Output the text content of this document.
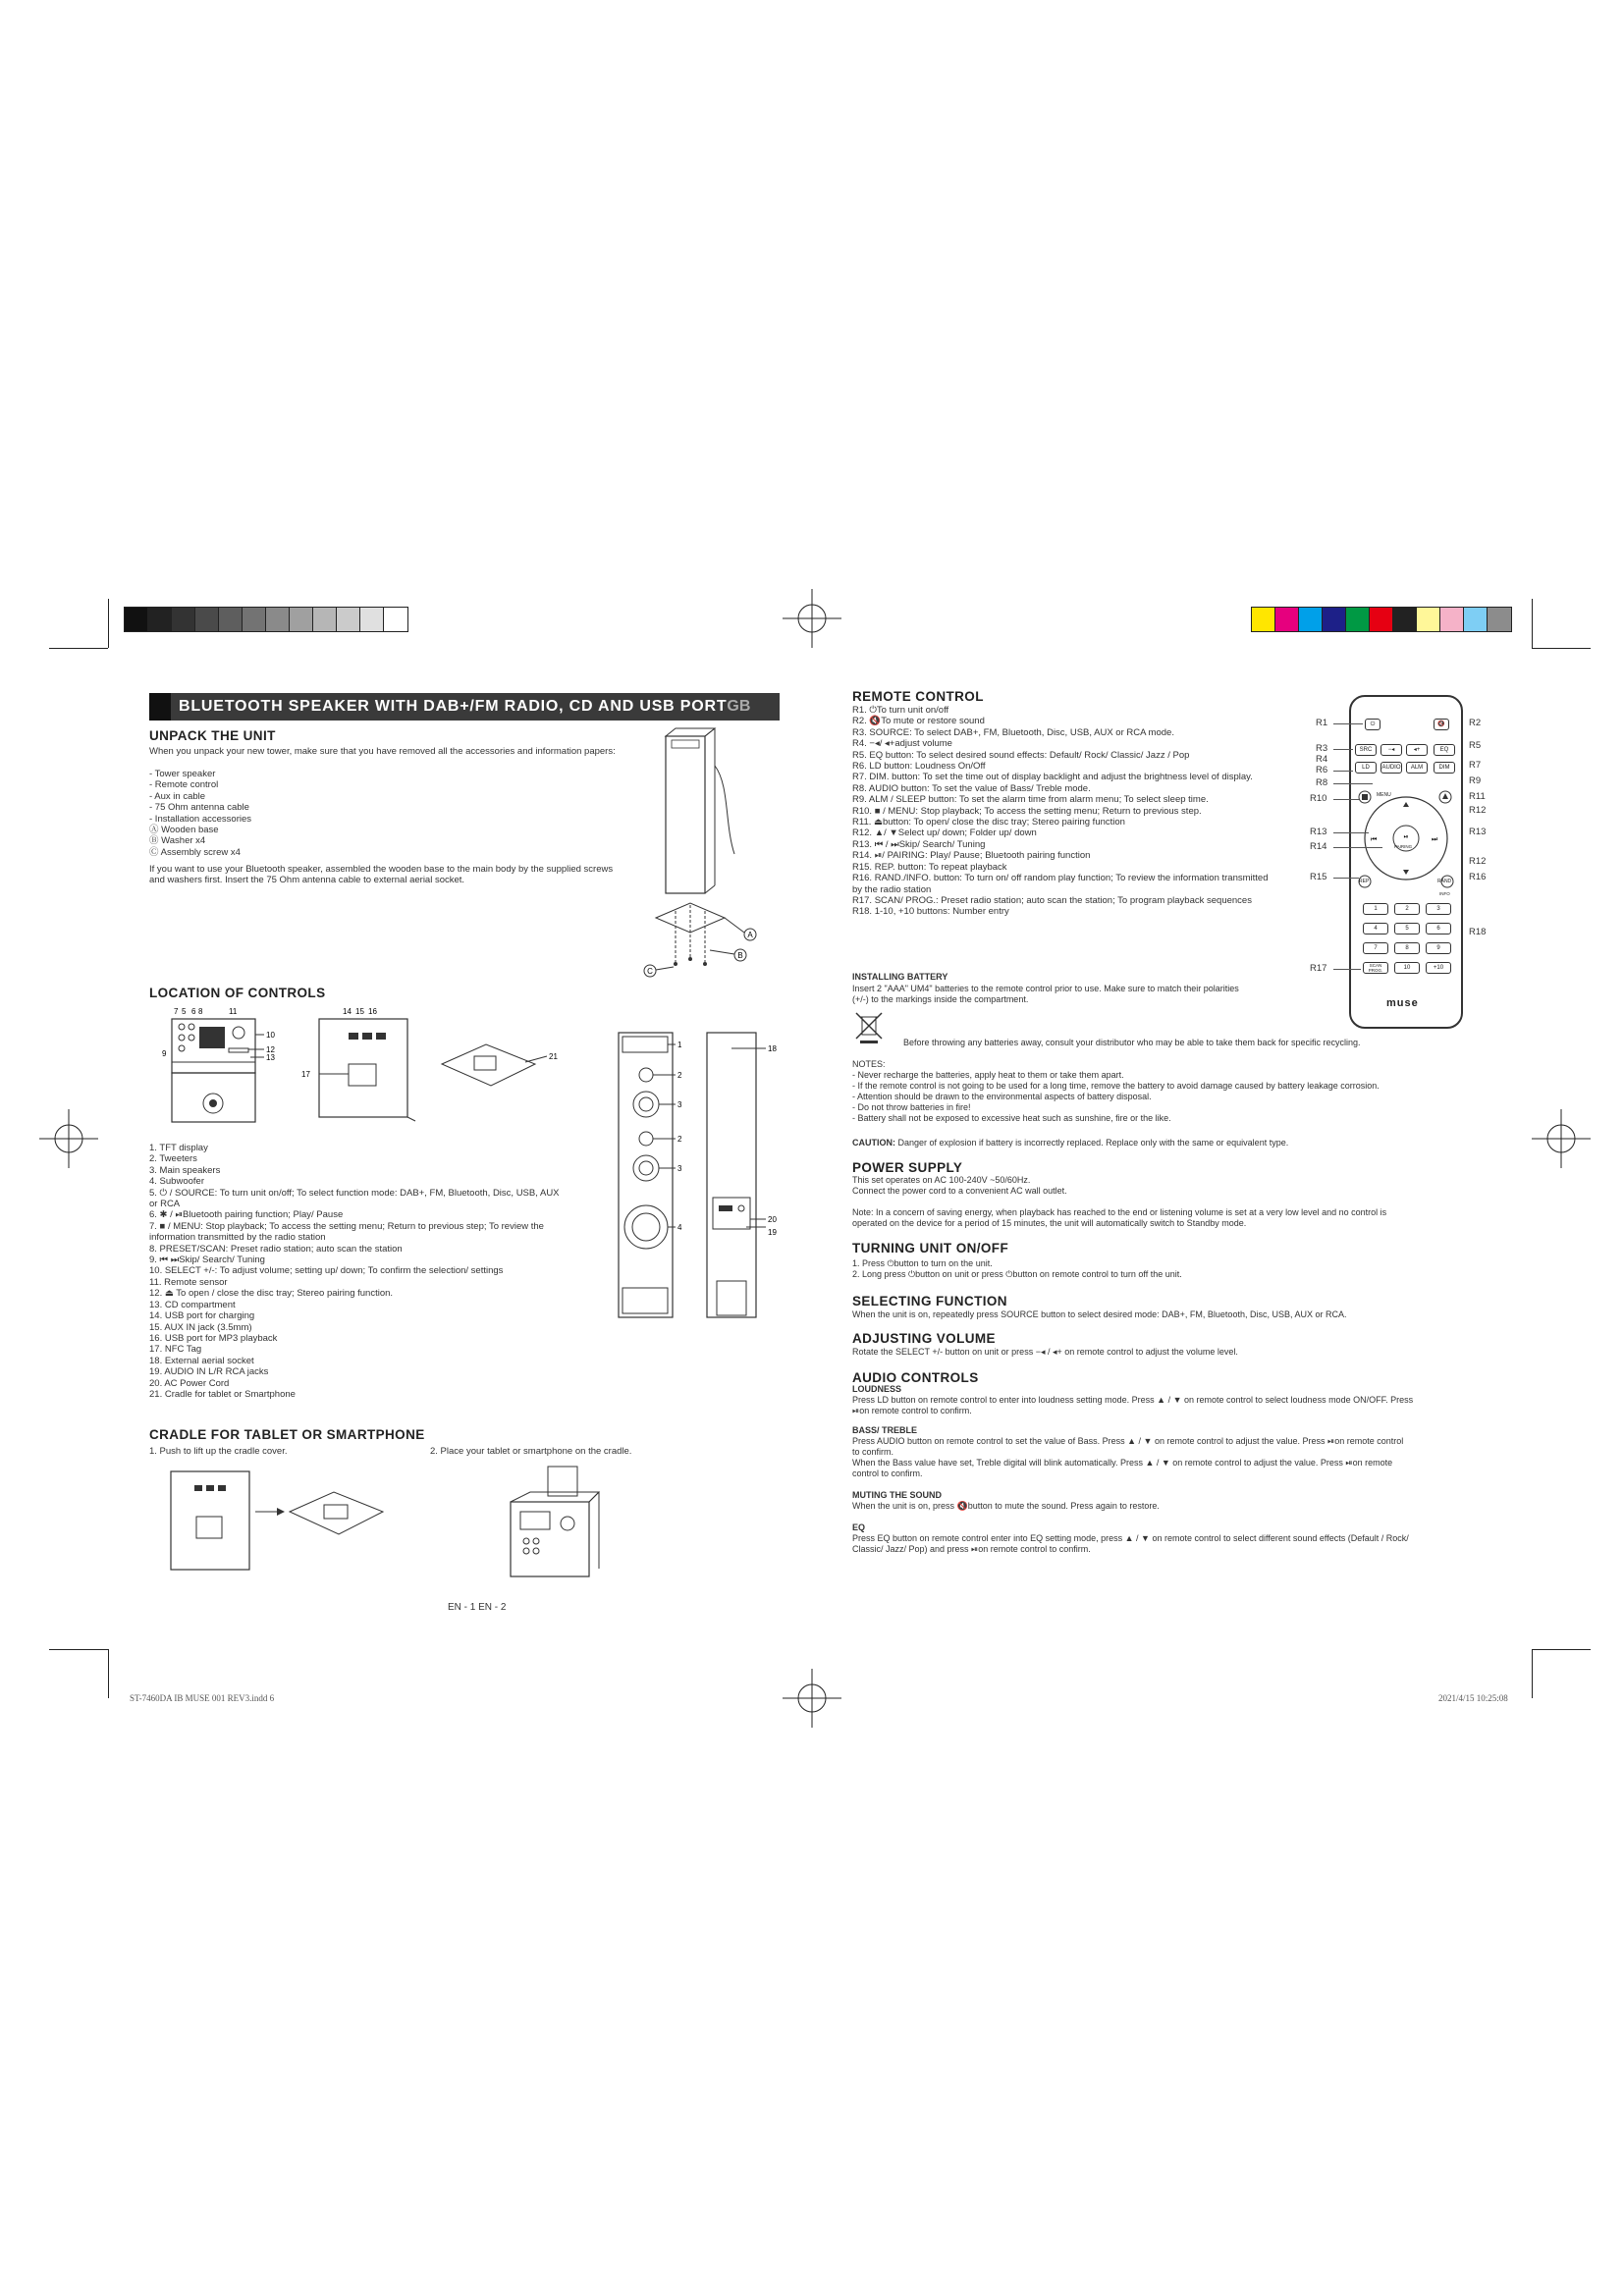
BLUETOOTH SPEAKER WITH DAB+/FM RADIO, CD AND USB PORT GB
UNPACK THE UNIT
When you unpack your new tower, make sure that you have removed all the accessories and information papers:

- Tower speaker

- Remote control

- Aux in cable

- 75 Ohm antenna cable

- Installation accessories

Ⓐ Wooden base

Ⓑ Washer x4

Ⓒ Assembly screw x4

If you want to use your Bluetooth speaker, assembled the wooden base to the main body by the supplied screws and washers first. Insert the 75 Ohm antenna cable to external aerial socket.
A
B
C
LOCATION OF CONTROLS
7 5 6 8	11
10
12
13
9
14 15 16
17
21
1
2
3
2
3
4
18
20
19

1. TFT display

2. Tweeters

3. Main speakers

4. Subwoofer

5. ⏻ / SOURCE: To turn unit on/off; To select function mode: DAB+, FM, Bluetooth, Disc, USB, AUX

or RCA

6. ✱ / ⏯Bluetooth pairing function; Play/ Pause

7. ■ / MENU: Stop playback; To access the setting menu; Return to previous step; To review the

information transmitted by the radio station

8. PRESET/SCAN: Preset radio station; auto scan the station

9. ⏮ ⏭Skip/ Search/ Tuning

10. SELECT +/-: To adjust volume; setting up/ down; To confirm the selection/ settings

11. Remote sensor

12. ⏏ To open / close the disc tray; Stereo pairing function.

13. CD compartment

14. USB port for charging

15. AUX IN jack (3.5mm)

16. USB port for MP3 playback

17. NFC Tag

18. External aerial socket

19. AUDIO IN L/R RCA jacks

20. AC Power Cord

21. Cradle for tablet or Smartphone

CRADLE FOR TABLET OR SMARTPHONE
1. Push to lift up the cradle cover.	2. Place your tablet or smartphone on the cradle.
EN - 1 EN - 2
ST-7460DA IB MUSE 001 REV3.indd 6	2021/4/15 10:25:08
REMOTE CONTROL

R1. ⏻To turn unit on/off

R2. 🔇To mute or restore sound

R3. SOURCE: To select DAB+, FM, Bluetooth, Disc, USB, AUX or RCA mode.

R4. −◂/ ◂+adjust volume

R5. EQ button: To select desired sound effects: Default/ Rock/ Classic/ Jazz / Pop

R6. LD button: Loudness On/Off

R7. DIM. button: To set the time out of display backlight and adjust the brightness level of display.

R8. AUDIO button: To set the value of Bass/ Treble mode.

R9. ALM / SLEEP button: To set the alarm time from alarm menu; To select sleep time.

R10. ■ / MENU: Stop playback; To access the setting menu; Return to previous step.

R11. ⏏button: To open/ close the disc tray; Stereo pairing function

R12. ▲/ ▼Select up/ down; Folder up/ down

R13. ⏮ / ⏭Skip/ Search/ Tuning

R14. ⏯/ PAIRING: Play/ Pause; Bluetooth pairing function

R15. REP. button: To repeat playback

R16. RAND./INFO. button: To turn on/ off random play function; To review the information transmitted

by the radio station

R17. SCAN/ PROG.: Preset radio station; auto scan the station; To program playback sequences

R18. 1-10, +10 buttons: Number entry

⏻	🔇
SRC	−◂	◂+	EQ
LD	AUDIO	ALM	DIM
⏮	⏭
⏯
MENU
PAIRING
REP	RAND
INFO
1	2	3
4	5	6
7	8	9
SCAN PROG.	10	+10
muse
R1
R3
R4
R6
R8
R10
R13
R14
R15
R17
R2
R5
R7
R9
R11
R12
R13
R12
R16
R18
INSTALLING BATTERY
Insert 2 "AAA" UM4" batteries to the remote control prior to use. Make sure to match their polarities
(+/-) to the markings inside the compartment.
Before throwing any batteries away, consult your distributor who may be able to take them back for specific recycling.

NOTES:

- Never recharge the batteries, apply heat to them or take them apart.

- If the remote control is not going to be used for a long time, remove the battery to avoid damage caused by battery leakage corrosion.

- Attention should be drawn to the environmental aspects of battery disposal.

- Do not throw batteries in fire!

- Battery shall not be exposed to excessive heat such as sunshine, fire or the like.

CAUTION: Danger of explosion if battery is incorrectly replaced. Replace only with the same or equivalent type.
POWER SUPPLY
This set operates on AC 100-240V ~50/60Hz.
Connect the power cord to a convenient AC wall outlet.
Note: In a concern of saving energy, when playback has reached to the end or listening volume is set at a very low level and no control is
operated on the device for a period of 15 minutes, the unit will automatically switch to Standby mode.
TURNING UNIT ON/OFF
1. Press ⏻button to turn on the unit.
2. Long press ⏻button on unit or press ⏻button on remote control to turn off the unit.
SELECTING FUNCTION
When the unit is on, repeatedly press SOURCE button to select desired mode: DAB+, FM, Bluetooth, Disc, USB, AUX or RCA.
ADJUSTING VOLUME
Rotate the SELECT +/- button on unit or press −◂ / ◂+ on remote control to adjust the volume level.
AUDIO CONTROLS
LOUDNESS
Press LD button on remote control to enter into loudness setting mode. Press ▲ / ▼ on remote control to select loudness mode ON/OFF. Press
⏯on remote control to confirm.
BASS/ TREBLE
Press AUDIO button on remote control to set the value of Bass. Press ▲ / ▼ on remote control to adjust the value. Press ⏯on remote control
to confirm.
When the Bass value have set, Treble digital will blink automatically. Press ▲ / ▼ on remote control to adjust the value. Press ⏯on remote
control to confirm.
MUTING THE SOUND
When the unit is on, press 🔇button to mute the sound. Press again to restore.
EQ
Press EQ button on remote control enter into EQ setting mode, press ▲ / ▼ on remote control to select different sound effects (Default / Rock/
Classic/ Jazz/ Pop) and press ⏯on remote control to confirm.
